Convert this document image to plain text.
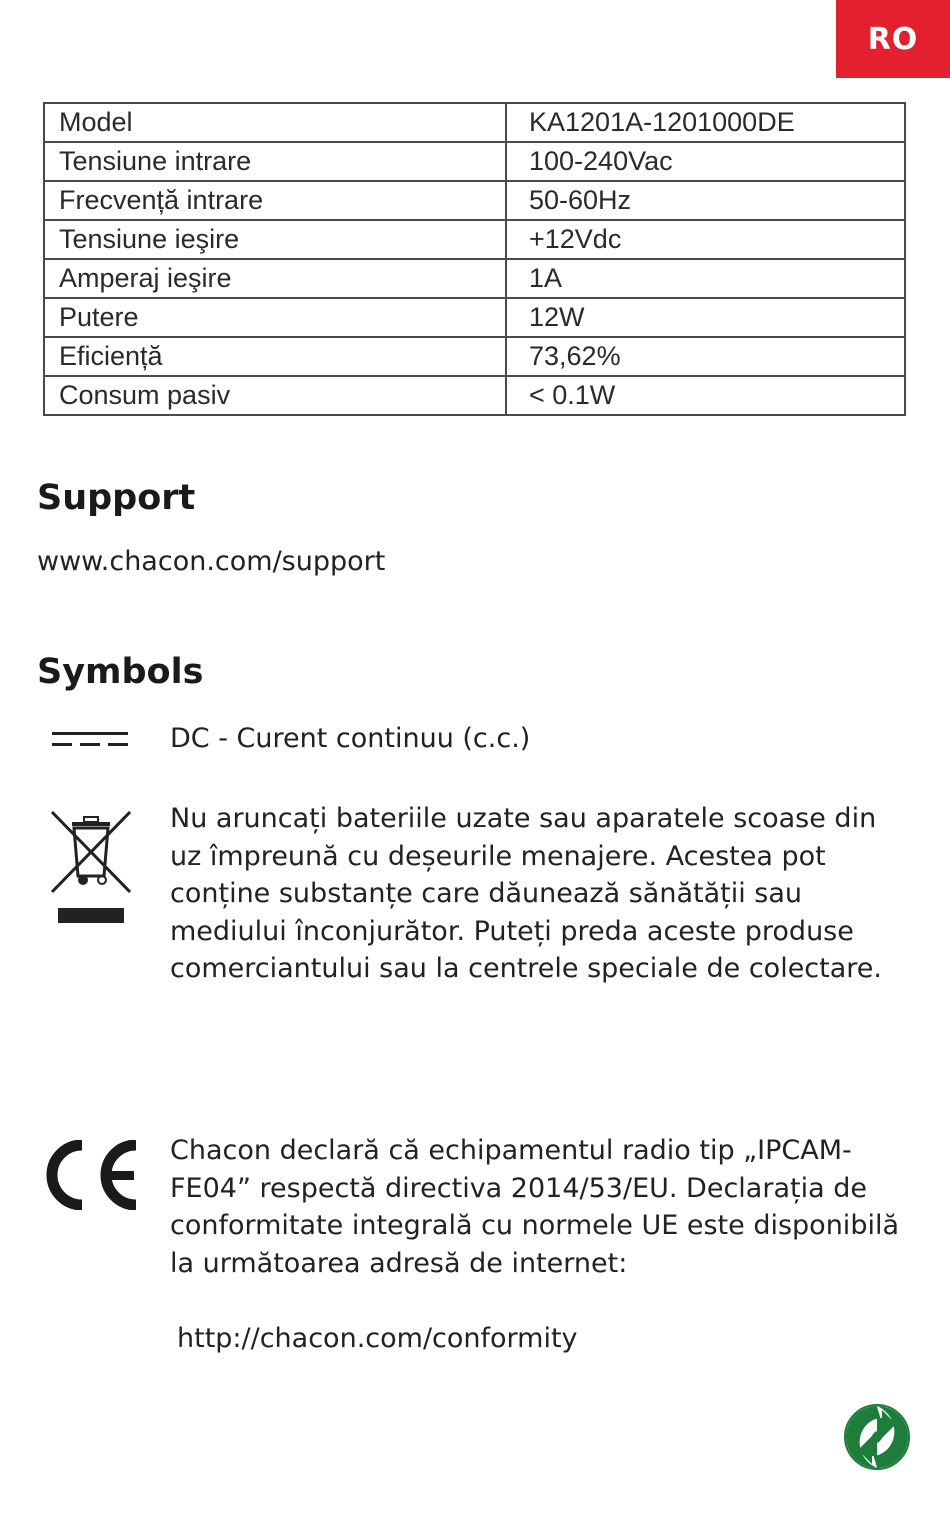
RO
Model	KA1201A-1201000DE
Tensiune intrare	100-240Vac
Frecvență intrare	50-60Hz
Tensiune ieşire	+12Vdc
Amperaj ieşire	1A
Putere	12W
Eficiență	73,62%
Consum pasiv	< 0.1W
Support
www.chacon.com/support
Symbols
DC - Curent continuu (c.c.)
Nu aruncați bateriile uzate sau aparatele scoase din uz împreună cu deșeurile menajere. Acestea pot conține substanțe care dăunează sănătății sau mediului înconjurător. Puteți preda aceste produse comerciantului sau la centrele speciale de colectare.
Chacon declară că echipamentul radio tip „IPCAM-FE04” respectă directiva 2014/53/EU. Declarația de conformitate integrală cu normele UE este disponibilă la următoarea adresă de internet:
http://chacon.com/conformity
